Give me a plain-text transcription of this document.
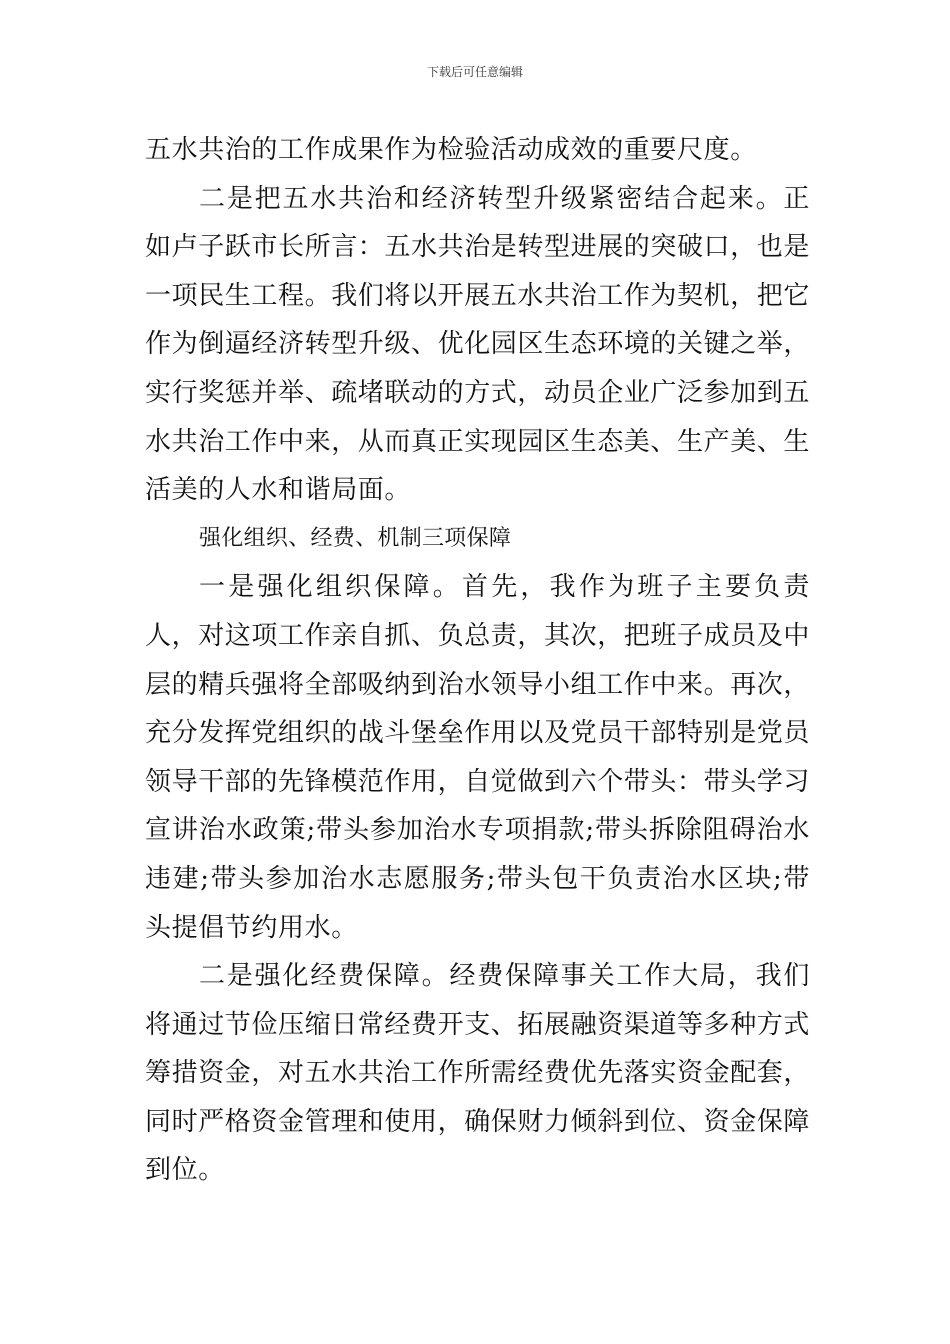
下载后可任意编辑

五水共治的工作成果作为检验活动成效的重要尺度。

二是把五水共治和经济转型升级紧密结合起来。正如卢子跃市长所言：五水共治是转型进展的突破口，也是一项民生工程。我们将以开展五水共治工作为契机，把它作为倒逼经济转型升级、优化园区生态环境的关键之举，实行奖惩并举、疏堵联动的方式，动员企业广泛参加到五水共治工作中来，从而真正实现园区生态美、生产美、生活美的人水和谐局面。

强化组织、经费、机制三项保障

一是强化组织保障。首先，我作为班子主要负责人，对这项工作亲自抓、负总责，其次，把班子成员及中层的精兵强将全部吸纳到治水领导小组工作中来。再次，充分发挥党组织的战斗堡垒作用以及党员干部特别是党员领导干部的先锋模范作用，自觉做到六个带头：带头学习宣讲治水政策;带头参加治水专项捐款;带头拆除阻碍治水违建;带头参加治水志愿服务;带头包干负责治水区块;带头提倡节约用水。

二是强化经费保障。经费保障事关工作大局，我们将通过节俭压缩日常经费开支、拓展融资渠道等多种方式筹措资金，对五水共治工作所需经费优先落实资金配套，同时严格资金管理和使用，确保财力倾斜到位、资金保障到位。
